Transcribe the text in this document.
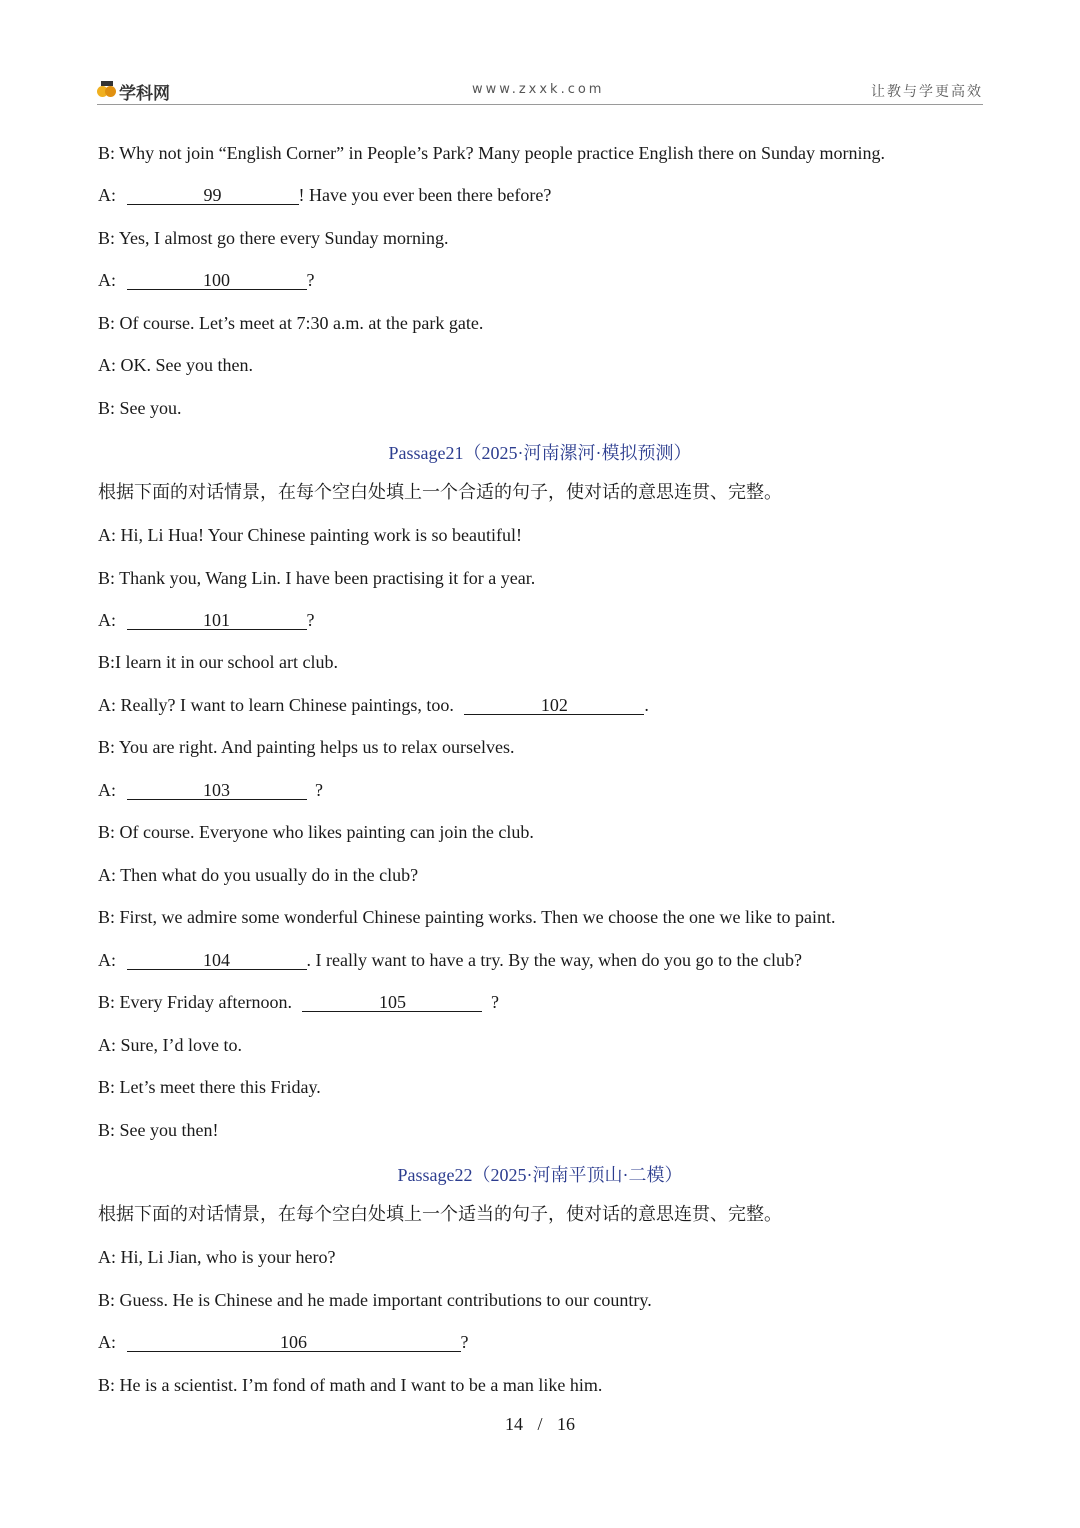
学科网	www.zxxk.com	让教与学更高效
B: Why not join “English Corner” in People’s Park? Many people practice English there on Sunday morning.
A:	99	! Have you ever been there before?
B: Yes, I almost go there every Sunday morning.
A:	100	?
B: Of course. Let’s meet at 7:30 a.m. at the park gate.
A: OK. See you then.
B: See you.
Passage21（2025·河南漯河·模拟预测）
根据下面的对话情景，在每个空白处填上一个合适的句子，使对话的意思连贯、完整。
A: Hi, Li Hua! Your Chinese painting work is so beautiful!
B: Thank you, Wang Lin. I have been practising it for a year.
A:	101	?
B:I learn it in our school art club.
A: Really? I want to learn Chinese paintings, too.	102	.
B: You are right. And painting helps us to relax ourselves.
A:	103	?
B: Of course. Everyone who likes painting can join the club.
A: Then what do you usually do in the club?
B: First, we admire some wonderful Chinese painting works. Then we choose the one we like to paint.
A:	104	. I really want to have a try. By the way, when do you go to the club?
B: Every Friday afternoon.	105	?
A: Sure, I’d love to.
B: Let’s meet there this Friday.
B: See you then!
Passage22（2025·河南平顶山·二模）
根据下面的对话情景，在每个空白处填上一个适当的句子，使对话的意思连贯、完整。
A: Hi, Li Jian, who is your hero?
B: Guess. He is Chinese and he made important contributions to our country.
A:	106	?
B: He is a scientist. I’m fond of math and I want to be a man like him.
14 / 16
